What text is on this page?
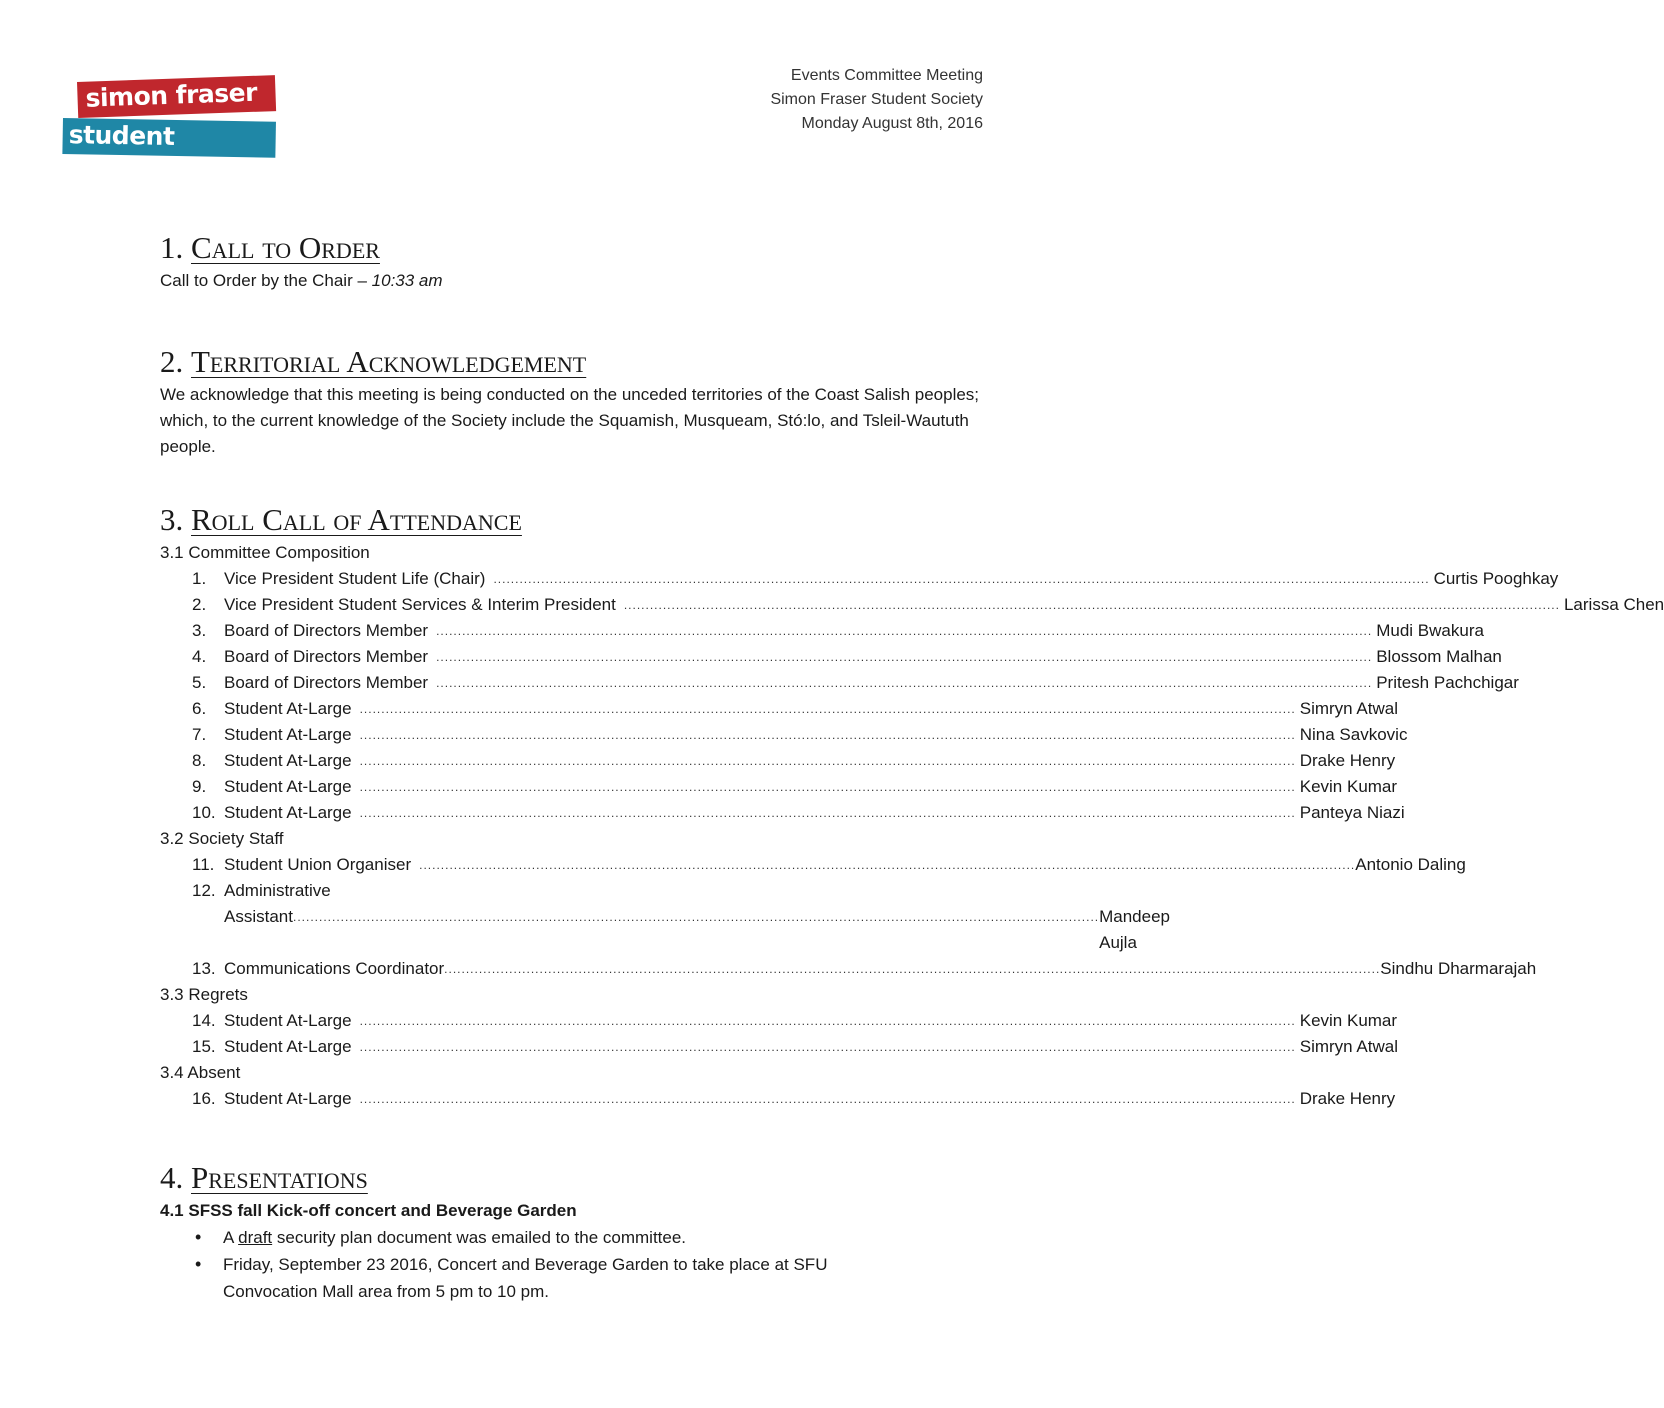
simon fraser
student society
Events Committee Meeting
Simon Fraser Student Society
Monday August 8th, 2016
1. Call to Order

Call to Order by the Chair – 10:33 am

2. Territorial Acknowledgement

We acknowledge that this meeting is being conducted on the unceded territories of the Coast Salish peoples; which, to the current knowledge of the Society include the Squamish, Musqueam, Stó:lo, and Tsleil-Waututh people.

3. Roll Call of Attendance

3.1 Committee Composition

1.	Vice President Student Life (Chair) .....	Curtis Pooghkay
2.	Vice President Student Services & Interim President .....	Larissa Chen
3.	Board of Directors Member .....	Mudi Bwakura
4.	Board of Directors Member .....	Blossom Malhan
5.	Board of Directors Member .....	Pritesh Pachchigar
6.	Student At-Large .....	Simryn Atwal
7.	Student At-Large .....	Nina Savkovic
8.	Student At-Large .....	Drake Henry
9.	Student At-Large .....	Kevin Kumar
10. Student At-Large .....	Panteya Niazi

3.2 Society Staff

11. Student Union Organiser .....	Antonio Daling
12. Administrative
Assistant .......................................................................................................................................................................................... Mandeep Aujla
13. Communications Coordinator .....	Sindhu Dharmarajah

3.3 Regrets

14. Student At-Large .....	Kevin Kumar
15. Student At-Large .....	Simryn Atwal

3.4 Absent

16. Student At-Large .....	Drake Henry
4. Presentations

4.1 SFSS fall Kick-off concert and Beverage Garden

• A draft security plan document was emailed to the committee.
• Friday, September 23 2016, Concert and Beverage Garden to take place at SFU Convocation Mall area from 5 pm to 10 pm.
